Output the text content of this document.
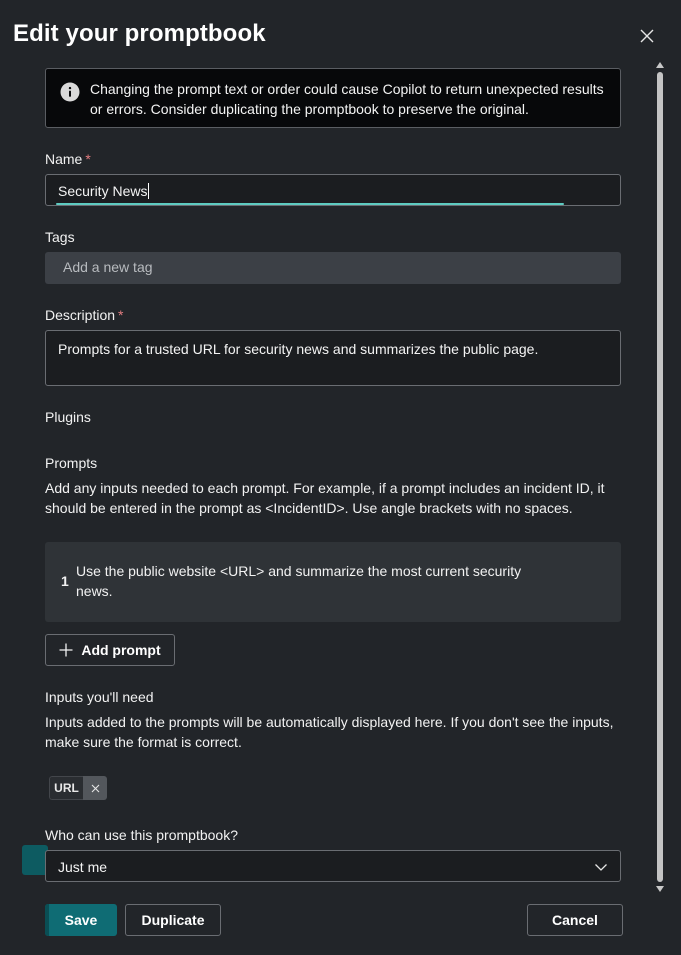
Edit your promptbook
Changing the prompt text or order could cause Copilot to return unexpected results or errors. Consider duplicating the promptbook to preserve the original.
Name *
Security News
Tags
Add a new tag
Description *
Prompts for a trusted URL for security news and summarizes the public page.
Plugins
Prompts
Add any inputs needed to each prompt. For example, if a prompt includes an incident ID, it should be entered in the prompt as <IncidentID>. Use angle brackets with no spaces.
1
Use the public website <URL> and summarize the most current security news.
Add prompt
Inputs you'll need
Inputs added to the prompts will be automatically displayed here. If you don't see the inputs, make sure the format is correct.
URL
Who can use this promptbook?
Just me
Save	Duplicate	Cancel
